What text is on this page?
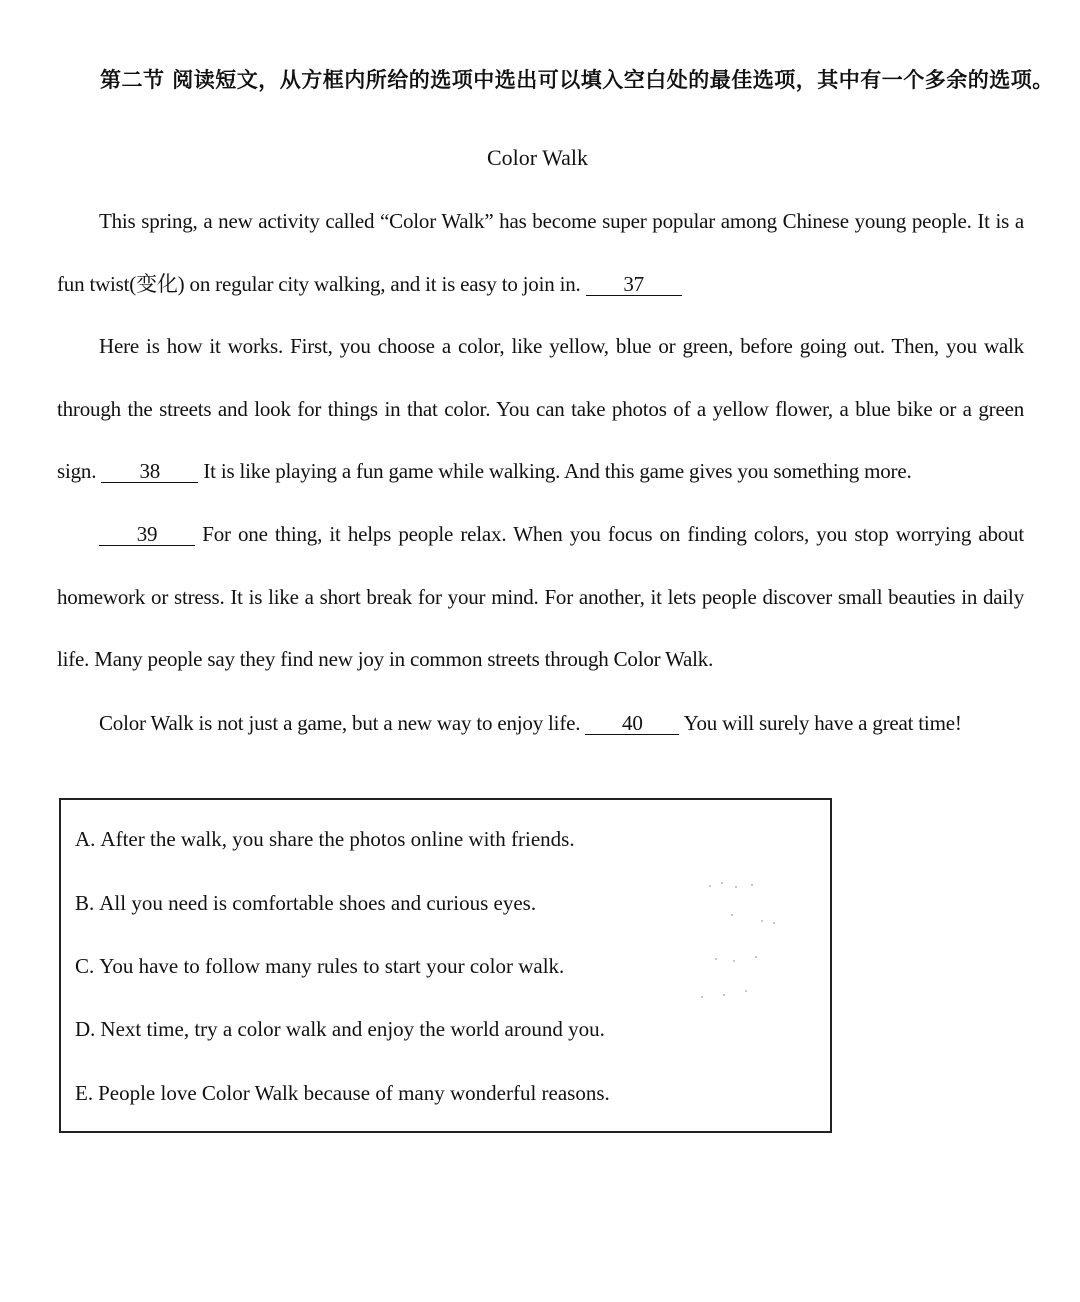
第二节 阅读短文，从方框内所给的选项中选出可以填入空白处的最佳选项，其中有一个多余的选项。
Color Walk
This spring, a new activity called “Color Walk” has become super popular among Chinese young people. It is a fun twist(变化) on regular city walking, and it is easy to join in. 37
Here is how it works. First, you choose a color, like yellow, blue or green, before going out. Then, you walk through the streets and look for things in that color. You can take photos of a yellow flower, a blue bike or a green sign. 38 It is like playing a fun game while walking. And this game gives you something more.
39 For one thing, it helps people relax. When you focus on finding colors, you stop worrying about homework or stress. It is like a short break for your mind. For another, it lets people discover small beauties in daily life. Many people say they find new joy in common streets through Color Walk.
Color Walk is not just a game, but a new way to enjoy life. 40 You will surely have a great time!
A. After the walk, you share the photos online with friends.
B. All you need is comfortable shoes and curious eyes.
C. You have to follow many rules to start your color walk.
D. Next time, try a color walk and enjoy the world around you.
E. People love Color Walk because of many wonderful reasons.
